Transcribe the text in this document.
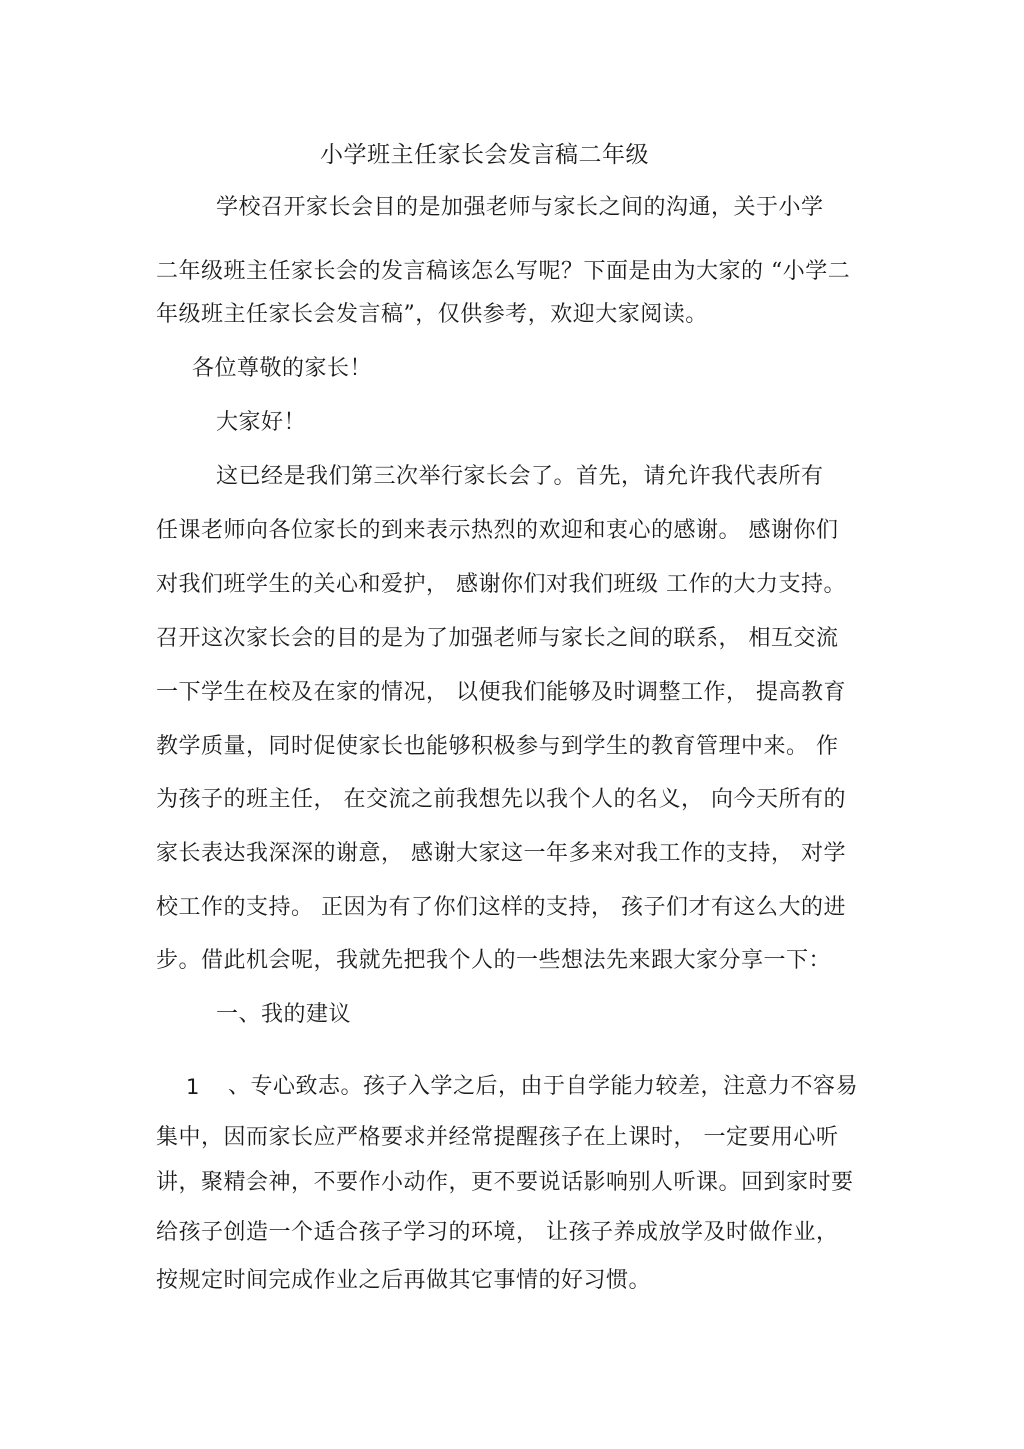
小学班主任家长会发言稿二年级
学校召开家长会目的是加强老师与家长之间的沟通，关于小学
二年级班主任家长会的发言稿该怎么写呢？下面是由为大家的 “小学二
年级班主任家长会发言稿”，仅供参考，欢迎大家阅读。
各位尊敬的家长！
大家好！
这已经是我们第三次举行家长会了。首先，请允许我代表所有
任课老师向各位家长的到来表示热烈的欢迎和衷心的感谢。 感谢你们
对我们班学生的关心和爱护， 感谢你们对我们班级 工作的大力支持。
召开这次家长会的目的是为了加强老师与家长之间的联系， 相互交流
一下学生在校及在家的情况， 以便我们能够及时调整工作， 提高教育
教学质量，同时促使家长也能够积极参与到学生的教育管理中来。 作
为孩子的班主任， 在交流之前我想先以我个人的名义， 向今天所有的
家长表达我深深的谢意， 感谢大家这一年多来对我工作的支持， 对学
校工作的支持。 正因为有了你们这样的支持， 孩子们才有这么大的进
步。借此机会呢，我就先把我个人的一些想法先来跟大家分享一下：
一、我的建议
1 、专心致志。孩子入学之后，由于自学能力较差，注意力不容易
集中，因而家长应严格要求并经常提醒孩子在上课时， 一定要用心听
讲，聚精会神，不要作小动作，更不要说话影响别人听课。回到家时要
给孩子创造一个适合孩子学习的环境， 让孩子养成放学及时做作业，
按规定时间完成作业之后再做其它事情的好习惯。
